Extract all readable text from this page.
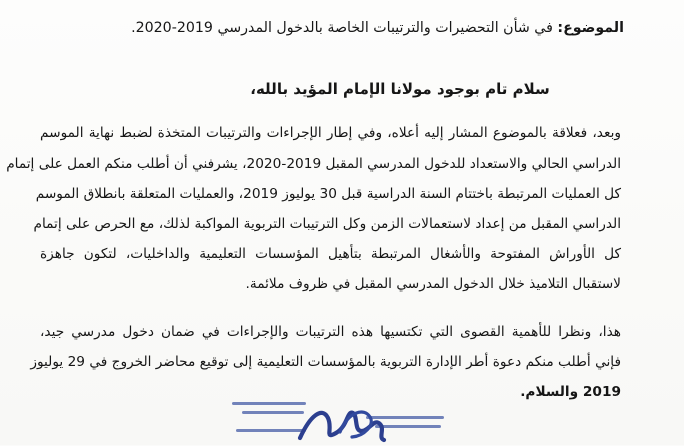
الموضوع: في شأن التحضيرات والترتيبات الخاصة بالدخول المدرسي 2019-2020.
سلام تام بوجود مولانا الإمام المؤيد بالله،
وبعد، فعلاقة بالموضوع المشار إليه أعلاه، وفي إطار الإجراءات والترتيبات المتخذة لضبط نهاية الموسم
الدراسي الحالي والاستعداد للدخول المدرسي المقبل 2019-2020، يشرفني أن أطلب منكم العمل على إتمام
كل العمليات المرتبطة باختتام السنة الدراسية قبل 30 يوليوز 2019، والعمليات المتعلقة بانطلاق الموسم
الدراسي المقبل من إعداد لاستعمالات الزمن وكل الترتيبات التربوية المواكبة لذلك، مع الحرص على إتمام
كل الأوراش المفتوحة والأشغال المرتبطة بتأهيل المؤسسات التعليمية والداخليات، لتكون جاهزة
لاستقبال التلاميذ خلال الدخول المدرسي المقبل في ظروف ملائمة.
هذا، ونظرا للأهمية القصوى التي تكتسيها هذه الترتيبات والإجراءات في ضمان دخول مدرسي جيد،
فإني أطلب منكم دعوة أطر الإدارة التربوية بالمؤسسات التعليمية إلى توقيع محاضر الخروج في 29 يوليوز
2019 والسلام.
